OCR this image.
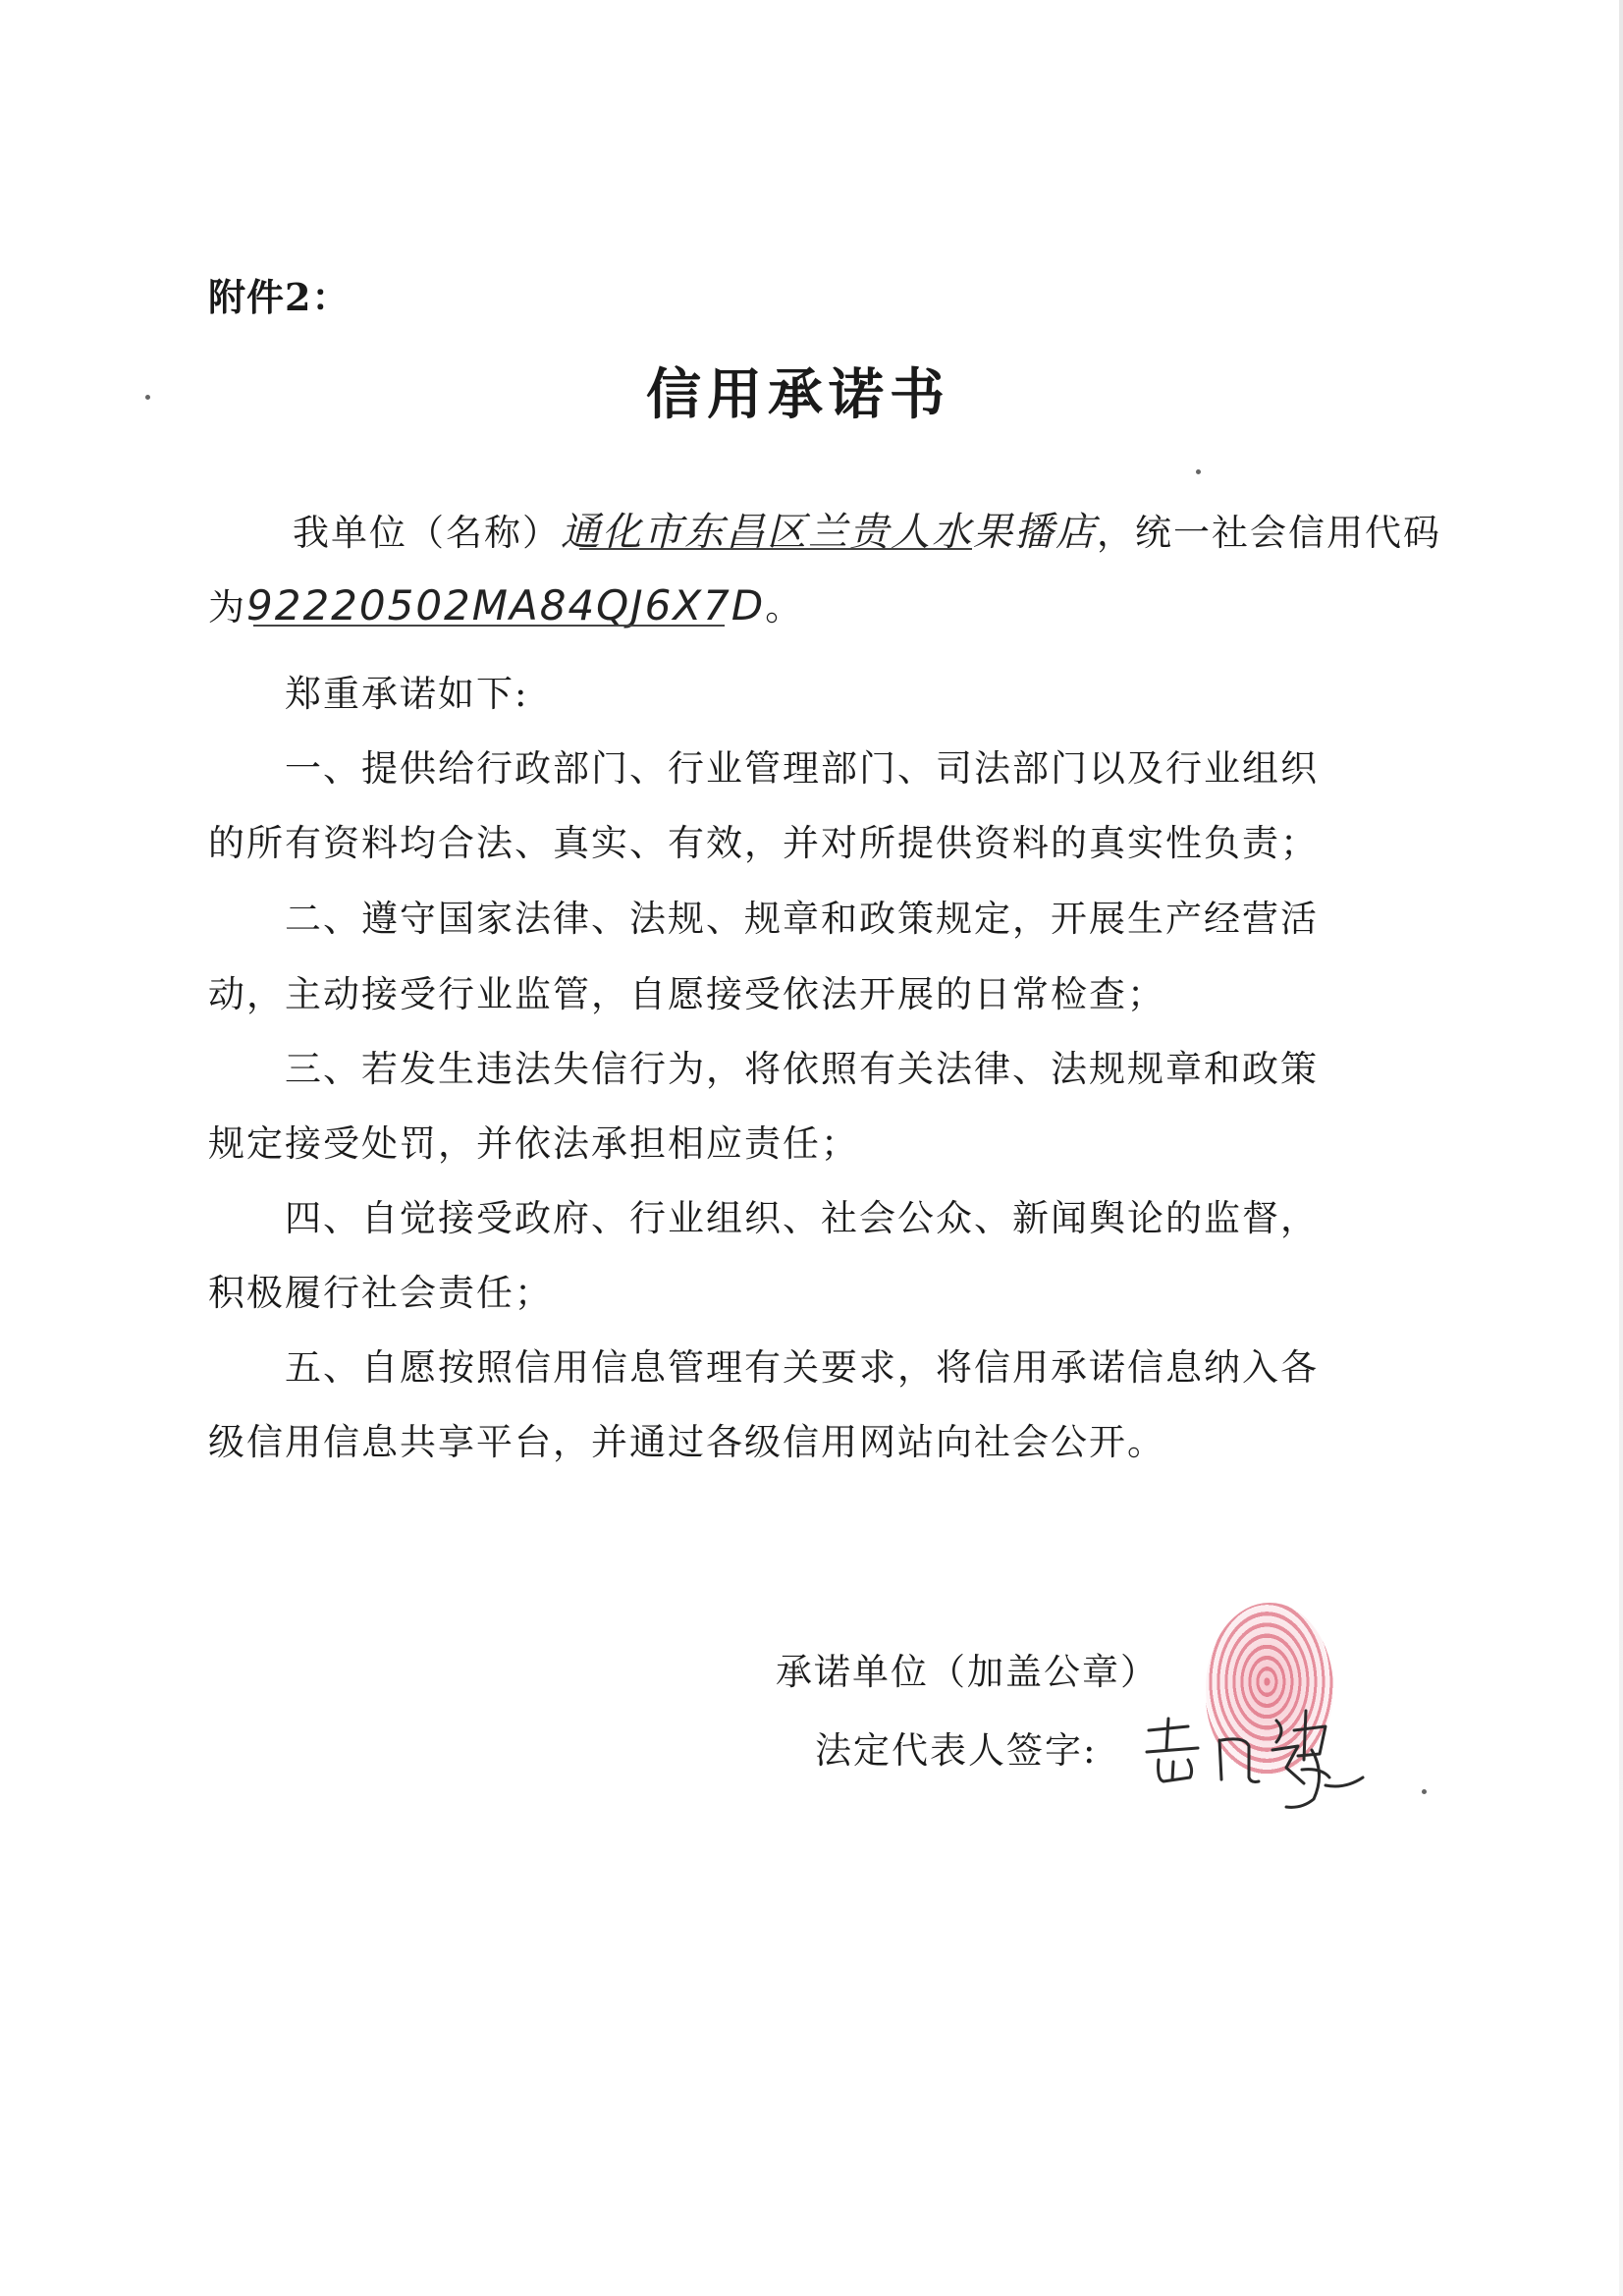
附件2：
信用承诺书
我单位（名称）通化市东昌区兰贵人水果播店，统一社会信用代码
为92220502MA84QJ6X7D。
郑重承诺如下:
一、提供给行政部门、行业管理部门、司法部门以及行业组织
的所有资料均合法、真实、有效，并对所提供资料的真实性负责；
二、遵守国家法律、法规、规章和政策规定，开展生产经营活
动，主动接受行业监管，自愿接受依法开展的日常检查；
三、若发生违法失信行为，将依照有关法律、法规规章和政策
规定接受处罚，并依法承担相应责任；
四、自觉接受政府、行业组织、社会公众、新闻舆论的监督，
积极履行社会责任；
五、自愿按照信用信息管理有关要求，将信用承诺信息纳入各
级信用信息共享平台，并通过各级信用网站向社会公开。
承诺单位（加盖公章）
法定代表人签字:
